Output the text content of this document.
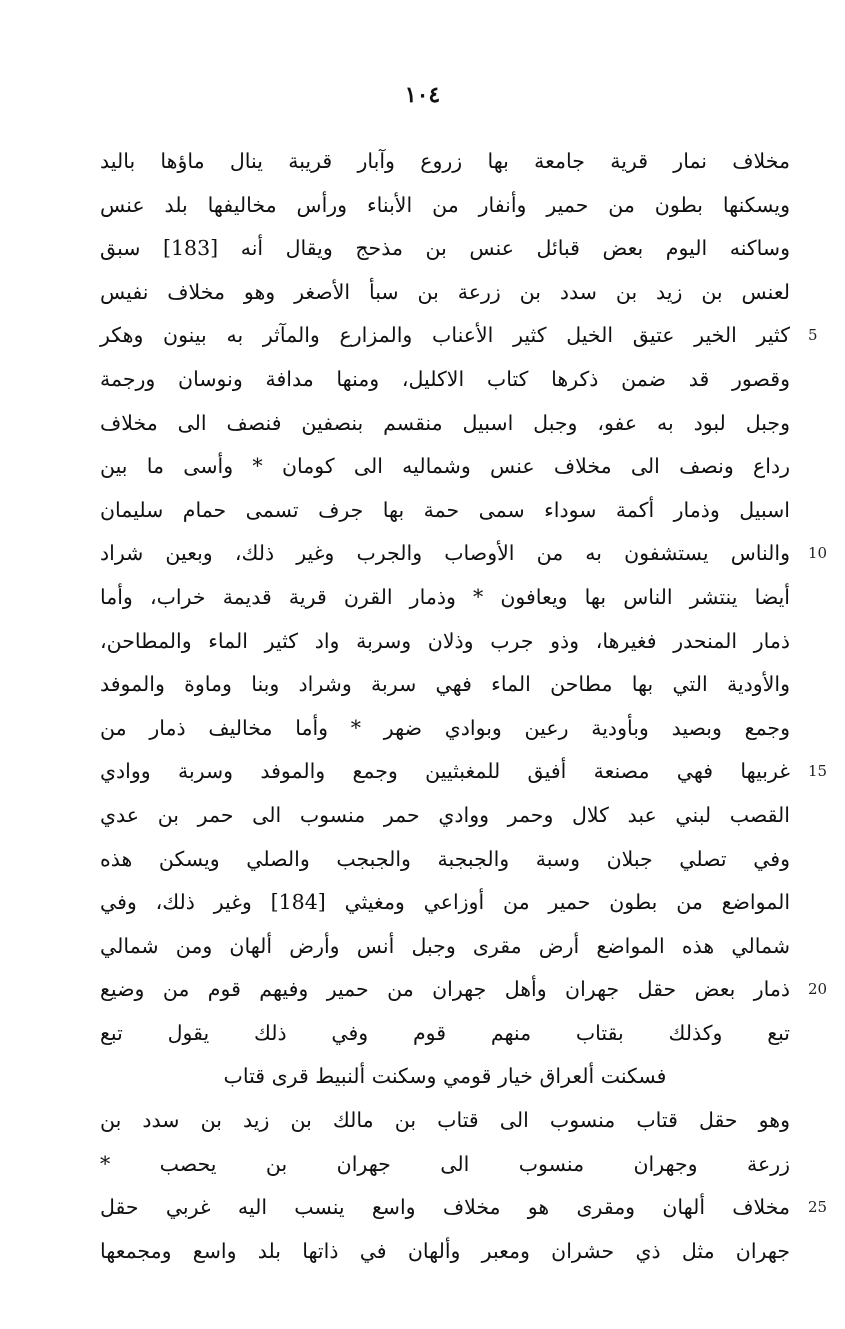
١٠٤
مخلاف نمار قرية جامعة بها زروع وآبار قريبة ينال ماؤها باليد
ويسكنها بطون من حمير وأنفار من الأبناء ورأس مخاليفها بلد عنس
وساكنه اليوم بعض قبائل عنس بن مذحج ويقال أنه [183] سبق
لعنس بن زيد بن سدد بن زرعة بن سبأ الأصغر وهو مخلاف نفيس
كثير الخير عتيق الخيل كثير الأعناب والمزارع والمآثر به بينون وهكر 5
وقصور قد ضمن ذكرها كتاب الاكليل، ومنها مدافة ونوسان ورجمة
وجبل لبود به عفو، وجبل اسبيل منقسم بنصفين فنصف الى مخلاف
رداع ونصف الى مخلاف عنس وشماليه الى كومان * وأسى ما بين
اسبيل وذمار أكمة سوداء سمى حمة بها جرف تسمى حمام سليمان
والناس يستشفون به من الأوصاب والجرب وغير ذلك، وبعين شراد 10
أيضا ينتشر الناس بها ويعافون * وذمار القرن قرية قديمة خراب، وأما
ذمار المنحدر فغيرها، وذو جرب وذلان وسربة واد كثير الماء والمطاحن،
والأودية التي بها مطاحن الماء فهي سربة وشراد وبنا وماوة والموفد
وجمع وبصيد وبأودية رعين وبوادي ضهر * وأما مخاليف ذمار من
غربيها فهي مصنعة أفيق للمغبثيين وجمع والموفد وسربة ووادي 15
القصب لبني عبد كلال وحمر ووادي حمر منسوب الى حمر بن عدي
وفي تصلي جبلان وسبة والجبجبة والجبجب والصلي ويسكن هذه
المواضع من بطون حمير من أوزاعي ومغيثي [184] وغير ذلك، وفي
شمالي هذه المواضع أرض مقرى وجبل أنس وأرض ألهان ومن شمالي
ذمار بعض حقل جهران وأهل جهران من حمير وفيهم قوم من وضيع 20
تبع وكذلك بقتاب منهم قوم وفي ذلك يقول تبع
فسكنت ألعراق خيار قومي وسكنت ألنبيط قرى قتاب
وهو حقل قتاب منسوب الى قتاب بن مالك بن زيد بن سدد بن
زرعة وجهران منسوب الى جهران بن يحصب *
مخلاف ألهان ومقرى هو مخلاف واسع ينسب اليه غربي حقل 25
جهران مثل ذي حشران ومعبر وألهان في ذاتها بلد واسع ومجمعها
